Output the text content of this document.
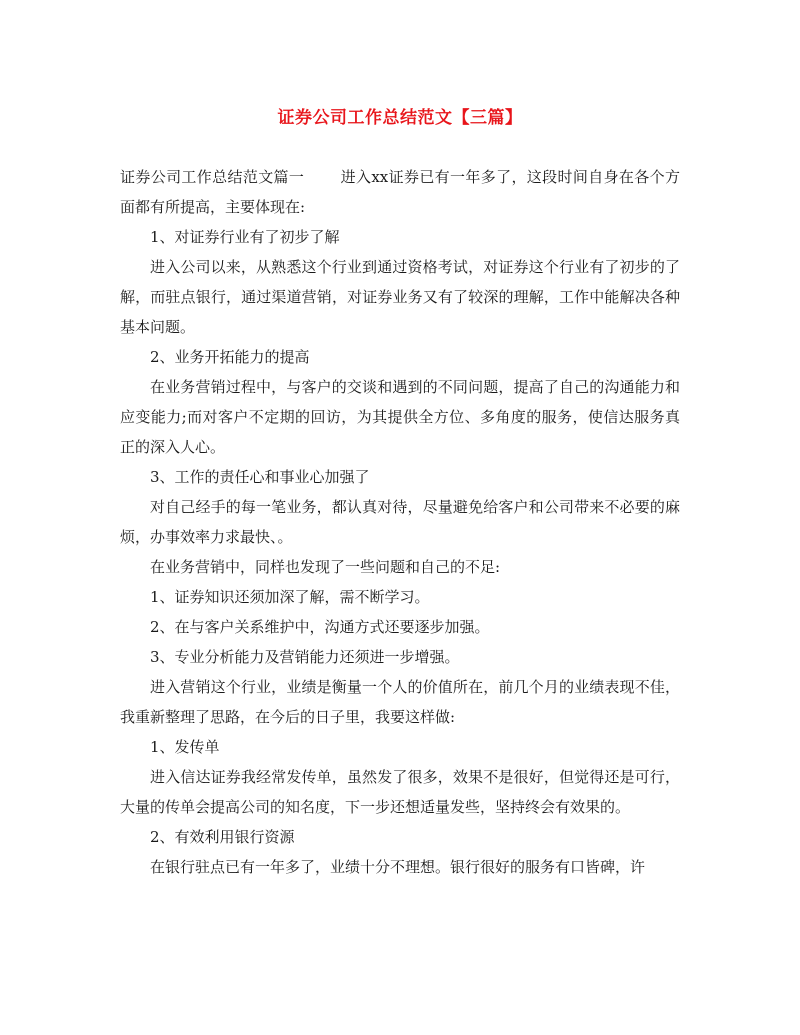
证券公司工作总结范文【三篇】

证券公司工作总结范文篇一 进入xx证券已有一年多了，这段时间自身在各个方面都有所提高，主要体现在:

1、对证券行业有了初步了解

进入公司以来，从熟悉这个行业到通过资格考试，对证券这个行业有了初步的了解，而驻点银行，通过渠道营销，对证券业务又有了较深的理解，工作中能解决各种基本问题。

2、业务开拓能力的提高

在业务营销过程中，与客户的交谈和遇到的不同问题，提高了自己的沟通能力和应变能力;而对客户不定期的回访，为其提供全方位、多角度的服务，使信达服务真正的深入人心。

3、工作的责任心和事业心加强了

对自己经手的每一笔业务，都认真对待，尽量避免给客户和公司带来不必要的麻烦，办事效率力求最快、。

在业务营销中，同样也发现了一些问题和自己的不足:

1、证券知识还须加深了解，需不断学习。

2、在与客户关系维护中，沟通方式还要逐步加强。

3、专业分析能力及营销能力还须进一步增强。

进入营销这个行业，业绩是衡量一个人的价值所在，前几个月的业绩表现不佳，我重新整理了思路，在今后的日子里，我要这样做:

1、发传单

进入信达证券我经常发传单，虽然发了很多，效果不是很好，但觉得还是可行，大量的传单会提高公司的知名度，下一步还想适量发些，坚持终会有效果的。

2、有效利用银行资源

在银行驻点已有一年多了，业绩十分不理想。银行很好的服务有口皆碑，许
